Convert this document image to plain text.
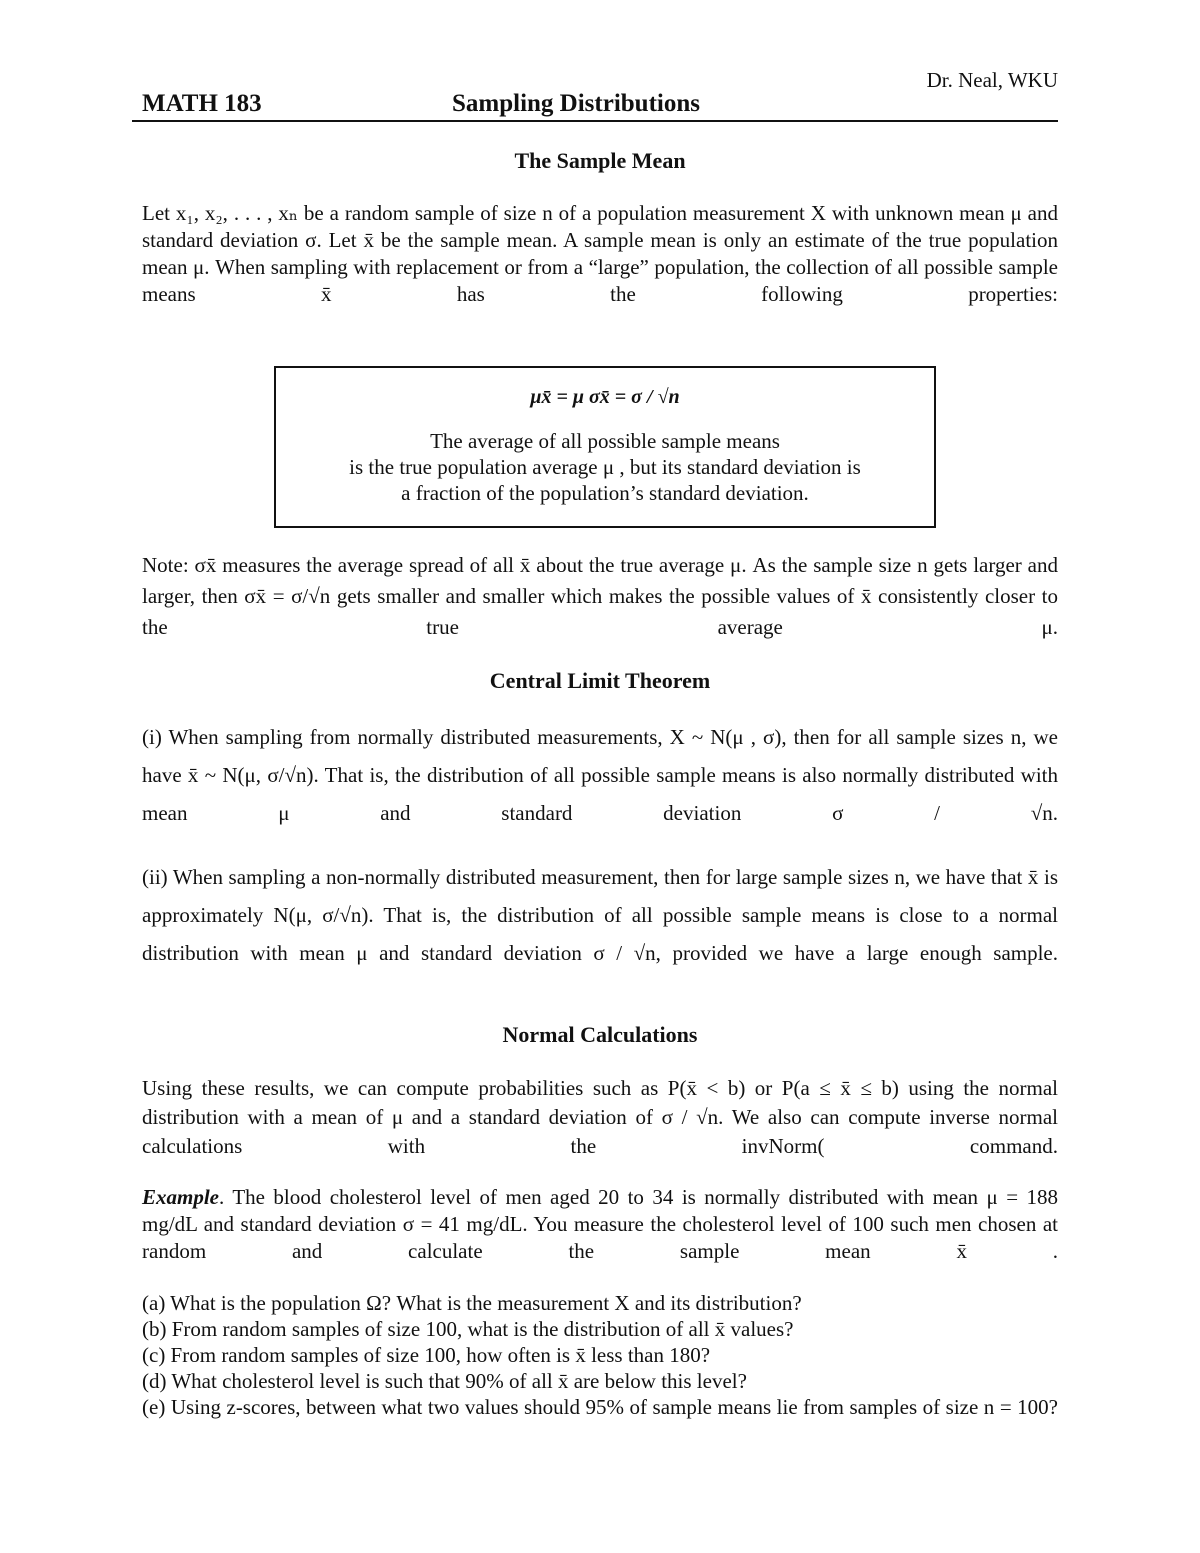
Dr. Neal, WKU
MATH 183	Sampling Distributions
The Sample Mean
Let x₁, x₂, . . . , xₙ be a random sample of size n of a population measurement X with unknown mean μ and standard deviation σ. Let x̄ be the sample mean. A sample mean is only an estimate of the true population mean μ. When sampling with replacement or from a “large” population, the collection of all possible sample means x̄ has the following properties:
μx̄ = μ σx̄ = σ / √n
The average of all possible sample means
is the true population average μ , but its standard deviation is
a fraction of the population’s standard deviation.
Note: σx̄ measures the average spread of all x̄ about the true average μ. As the sample size n gets larger and larger, then σx̄ = σ/√n gets smaller and smaller which makes the possible values of x̄ consistently closer to the true average μ.
Central Limit Theorem
(i) When sampling from normally distributed measurements, X ~ N(μ , σ), then for all sample sizes n, we have x̄ ~ N(μ, σ/√n). That is, the distribution of all possible sample means is also normally distributed with mean μ and standard deviation σ / √n.
(ii) When sampling a non-normally distributed measurement, then for large sample sizes n, we have that x̄ is approximately N(μ, σ/√n). That is, the distribution of all possible sample means is close to a normal distribution with mean μ and standard deviation σ / √n, provided we have a large enough sample.
Normal Calculations
Using these results, we can compute probabilities such as P(x̄ < b) or P(a ≤ x̄ ≤ b) using the normal distribution with a mean of μ and a standard deviation of σ / √n. We also can compute inverse normal calculations with the invNorm( command.
Example. The blood cholesterol level of men aged 20 to 34 is normally distributed with mean μ = 188 mg/dL and standard deviation σ = 41 mg/dL. You measure the cholesterol level of 100 such men chosen at random and calculate the sample mean x̄ .
(a) What is the population Ω? What is the measurement X and its distribution?
(b) From random samples of size 100, what is the distribution of all x̄ values?
(c) From random samples of size 100, how often is x̄ less than 180?
(d) What cholesterol level is such that 90% of all x̄ are below this level?
(e) Using z-scores, between what two values should 95% of sample means lie from samples of size n = 100?
